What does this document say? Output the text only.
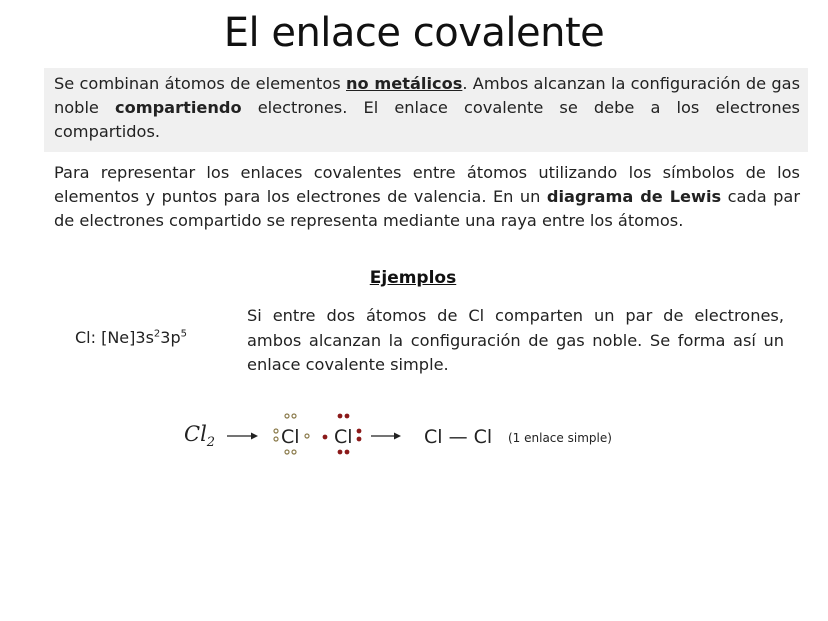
El enlace covalente
Se combinan átomos de elementos no metálicos. Ambos alcanzan la configuración de gas noble compartiendo electrones. El enlace covalente se debe a los electrones compartidos.
Para representar los enlaces covalentes entre átomos utilizando los símbolos de los elementos y puntos para los electrones de valencia. En un diagrama de Lewis cada par de electrones compartido se representa mediante una raya entre los átomos.
Ejemplos
Cl: $[Ne]3s^23p^5$
Si entre dos átomos de Cl comparten un par de electrones, ambos alcanzan la configuración de gas noble. Se forma así un enlace covalente simple.
$Cl_2$	Cl Cl	Cl — Cl (1 enlace simple)
